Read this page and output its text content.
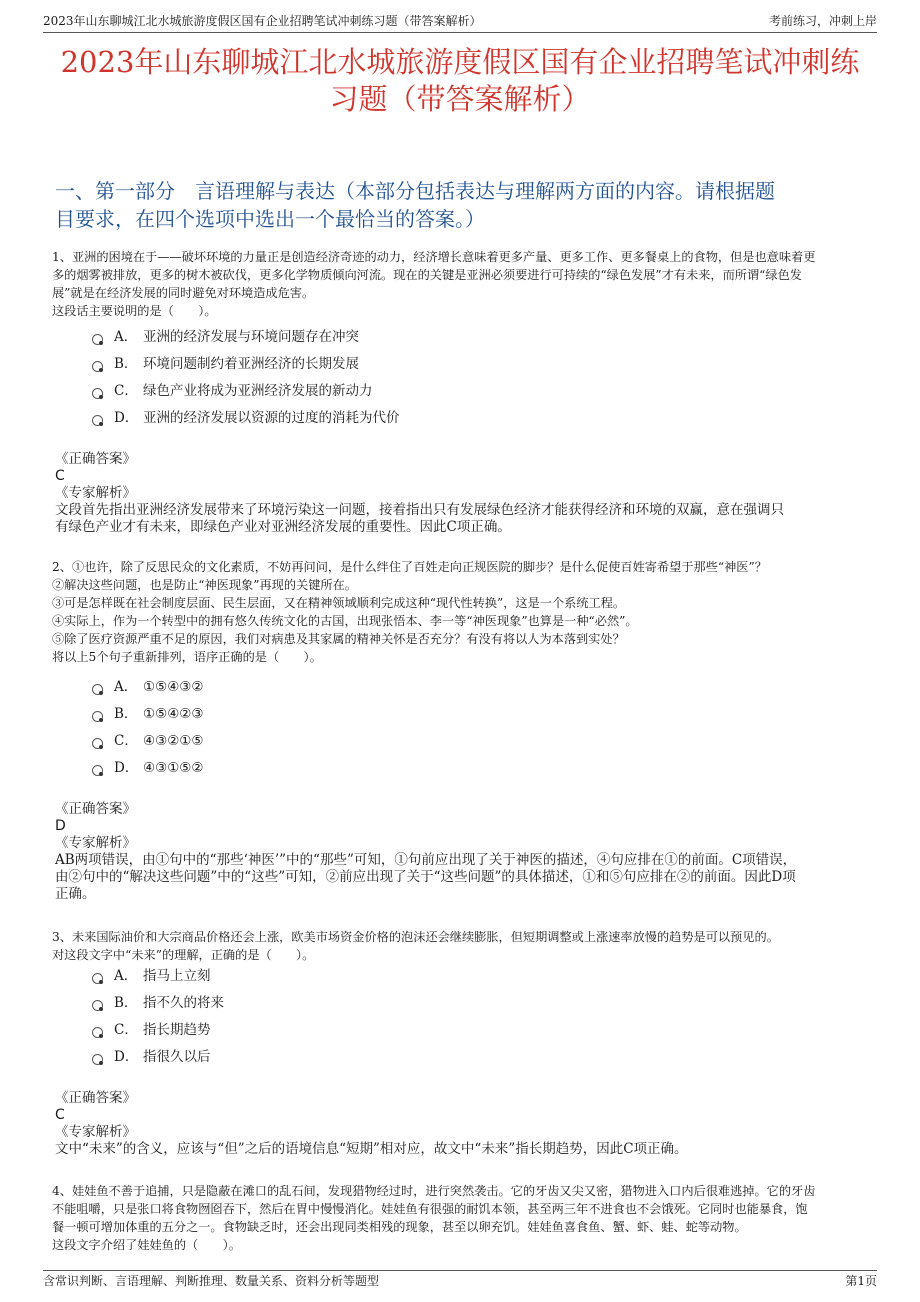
2023年山东聊城江北水城旅游度假区国有企业招聘笔试冲刺练习题（带答案解析）	考前练习，冲刺上岸
2023年山东聊城江北水城旅游度假区国有企业招聘笔试冲刺练
习题（带答案解析）
一、第一部分　言语理解与表达（本部分包括表达与理解两方面的内容。请根据题
目要求，在四个选项中选出一个最恰当的答案。）

1、亚洲的困境在于——破坏环境的力量正是创造经济奇迹的动力，经济增长意味着更多产量、更多工作、更多餐桌上的食物，但是也意味着更

多的烟雾被排放，更多的树木被砍伐，更多化学物质倾向河流。现在的关键是亚洲必须要进行可持续的“绿色发展”才有未来，而所谓“绿色发

展”就是在经济发展的同时避免对环境造成危害。

这段话主要说明的是（　　）。

A． 亚洲的经济发展与环境问题存在冲突
B． 环境问题制约着亚洲经济的长期发展
C． 绿色产业将成为亚洲经济发展的新动力
D． 亚洲的经济发展以资源的过度的消耗为代价
《正确答案》
C
《专家解析》
文段首先指出亚洲经济发展带来了环境污染这一问题，接着指出只有发展绿色经济才能获得经济和环境的双赢，意在强调只
有绿色产业才有未来，即绿色产业对亚洲经济发展的重要性。因此C项正确。

2、①也许，除了反思民众的文化素质，不妨再问问，是什么绊住了百姓走向正规医院的脚步？是什么促使百姓寄希望于那些“神医”？

②解决这些问题，也是防止“神医现象”再现的关键所在。

③可是怎样既在社会制度层面、民生层面，又在精神领域顺利完成这种“现代性转换”，这是一个系统工程。

④实际上，作为一个转型中的拥有悠久传统文化的古国，出现张悟本、李一等“神医现象”也算是一种“必然”。

⑤除了医疗资源严重不足的原因，我们对病患及其家属的精神关怀是否充分？有没有将以人为本落到实处？

将以上5个句子重新排列，语序正确的是（　　）。

A． ①⑤④③②
B． ①⑤④②③
C． ④③②①⑤
D． ④③①⑤②
《正确答案》
D
《专家解析》
AB两项错误，由①句中的“那些‘神医’”中的“那些”可知，①句前应出现了关于神医的描述，④句应排在①的前面。C项错误，
由②句中的“解决这些问题”中的“这些”可知，②前应出现了关于“这些问题”的具体描述，①和⑤句应排在②的前面。因此D项
正确。

3、未来国际油价和大宗商品价格还会上涨，欧美市场资金价格的泡沫还会继续膨胀，但短期调整或上涨速率放慢的趋势是可以预见的。

对这段文字中“未来”的理解，正确的是（　　）。

A． 指马上立刻
B． 指不久的将来
C． 指长期趋势
D． 指很久以后
《正确答案》
C
《专家解析》
文中“未来”的含义，应该与“但”之后的语境信息“短期”相对应，故文中“未来”指长期趋势，因此C项正确。

4、娃娃鱼不善于追捕，只是隐蔽在滩口的乱石间，发现猎物经过时，进行突然袭击。它的牙齿又尖又密，猎物进入口内后很难逃掉。它的牙齿

不能咀嚼，只是张口将食物囫囵吞下，然后在胃中慢慢消化。娃娃鱼有很强的耐饥本领，甚至两三年不进食也不会饿死。它同时也能暴食，饱

餐一顿可增加体重的五分之一。食物缺乏时，还会出现同类相残的现象，甚至以卵充饥。娃娃鱼喜食鱼、蟹、虾、蛙、蛇等动物。

这段文字介绍了娃娃鱼的（　　）。

含常识判断、言语理解、判断推理、数量关系、资料分析等题型	第1页
